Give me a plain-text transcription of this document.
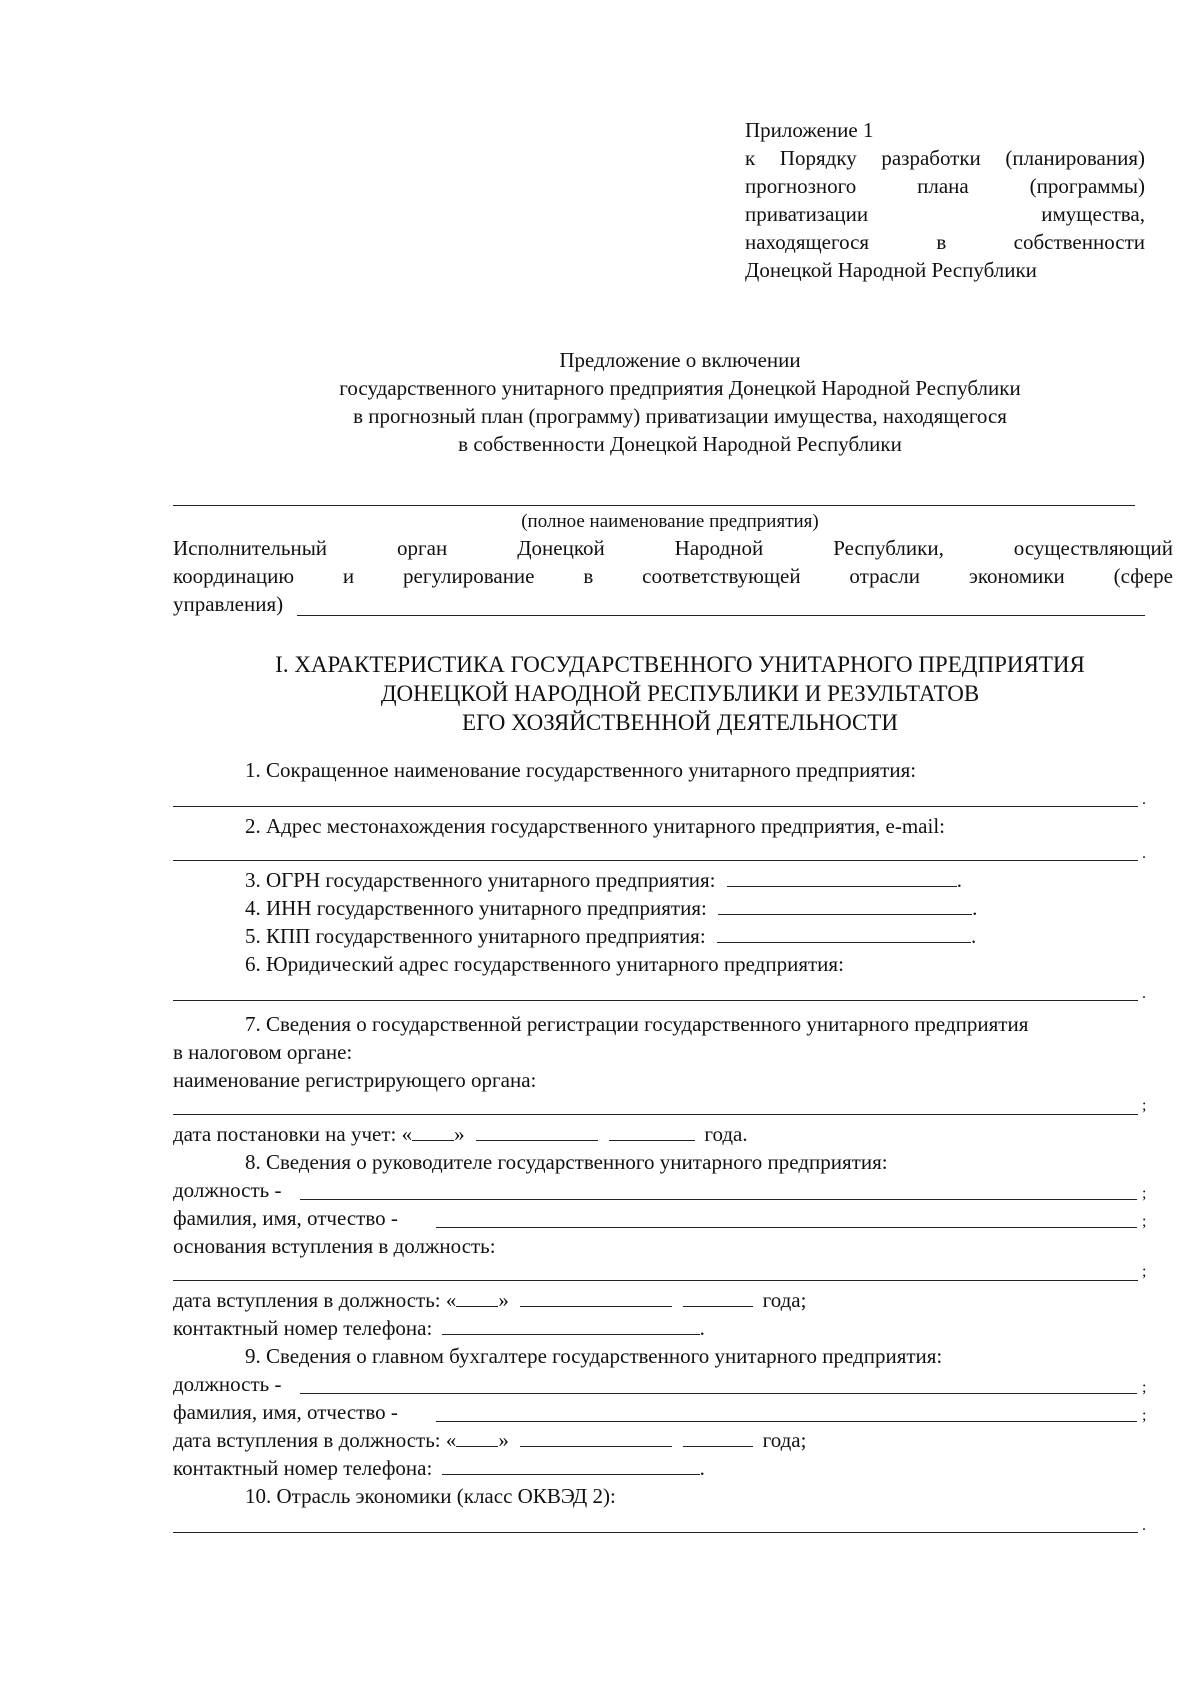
Приложение 1
к Порядку разработки (планирования)
прогнозного плана (программы)
приватизации имущества,
находящегося в собственности
Донецкой Народной Республики
Предложение о включении
государственного унитарного предприятия Донецкой Народной Республики
в прогнозный план (программу) приватизации имущества, находящегося
в собственности Донецкой Народной Республики
(полное наименование предприятия)
Исполнительный орган Донецкой Народной Республики, осуществляющий
координацию и регулирование в соответствующей отрасли экономики (сфере
управления)
I. ХАРАКТЕРИСТИКА ГОСУДАРСТВЕННОГО УНИТАРНОГО ПРЕДПРИЯТИЯ
ДОНЕЦКОЙ НАРОДНОЙ РЕСПУБЛИКИ И РЕЗУЛЬТАТОВ
ЕГО ХОЗЯЙСТВЕННОЙ ДЕЯТЕЛЬНОСТИ
1. Сокращенное наименование государственного унитарного предприятия:
.
2. Адрес местонахождения государственного унитарного предприятия, e-mail:
.
3. ОГРН государственного унитарного предприятия:	.
4. ИНН государственного унитарного предприятия:	.
5. КПП государственного унитарного предприятия:	.
6. Юридический адрес государственного унитарного предприятия:
.
7. Сведения о государственной регистрации государственного унитарного предприятия
в налоговом органе:
наименование регистрирующего органа:
;
дата постановки на учет: « »	года.
8. Сведения о руководителе государственного унитарного предприятия:
должность -	;
фамилия, имя, отчество -	;
основания вступления в должность:
;
дата вступления в должность: « »	года;
контактный номер телефона:	.
9. Сведения о главном бухгалтере государственного унитарного предприятия:
должность -	;
фамилия, имя, отчество -	;
дата вступления в должность: « »	года;
контактный номер телефона:	.
10. Отрасль экономики (класс ОКВЭД 2):
.
